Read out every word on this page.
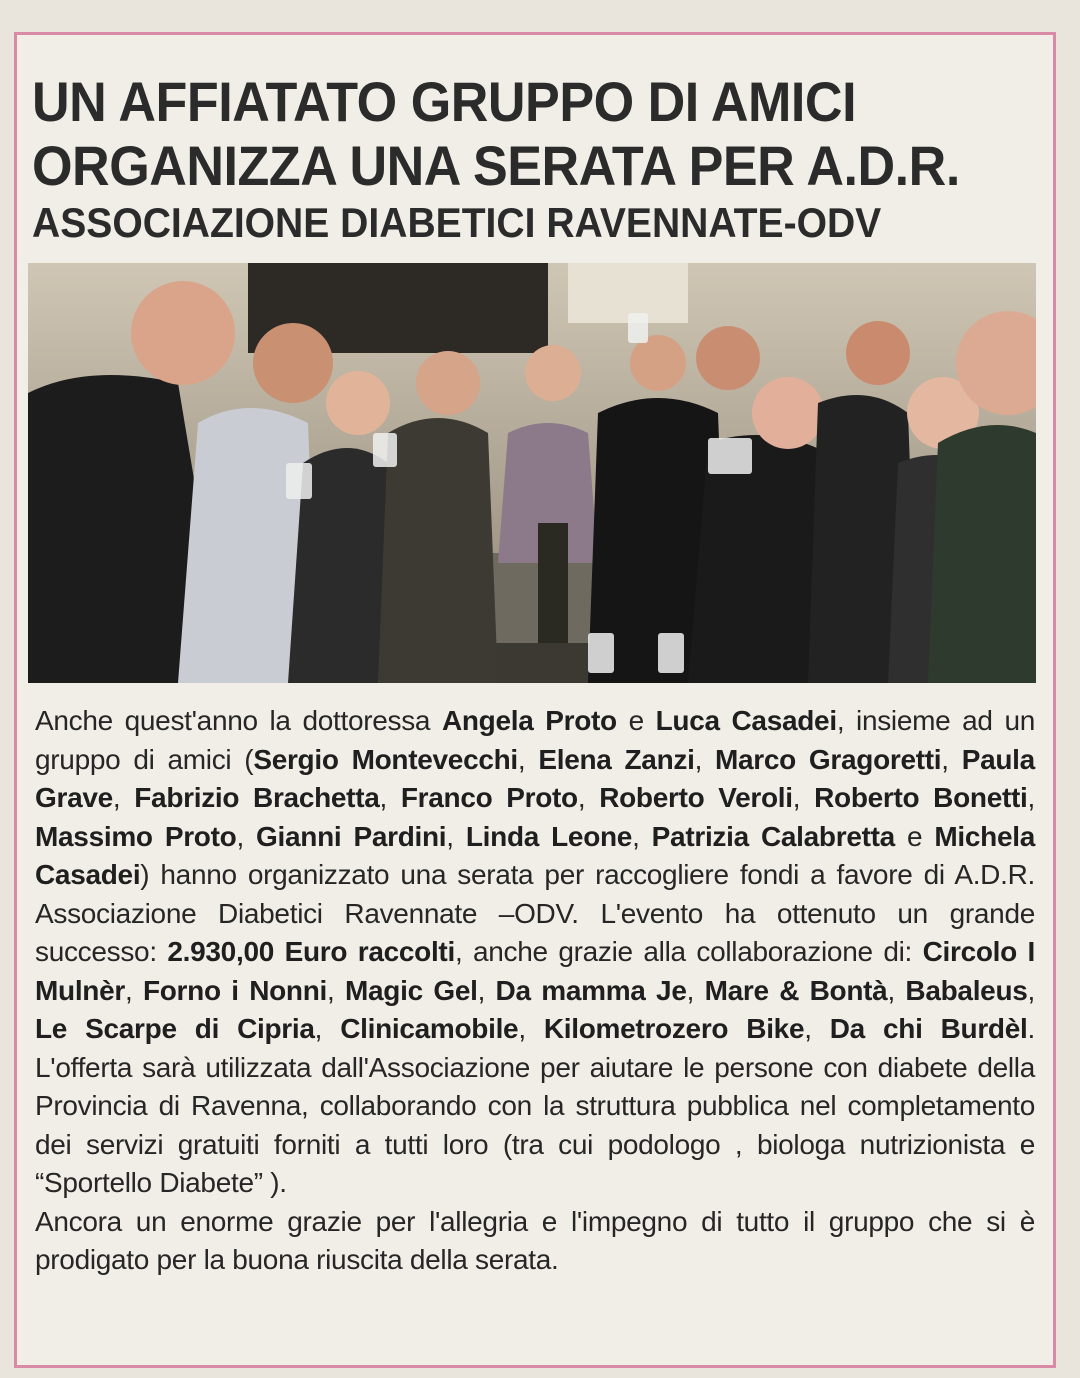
UN AFFIATATO GRUPPO DI AMICI
ORGANIZZA UNA SERATA PER A.D.R.
ASSOCIAZIONE DIABETICI RAVENNATE-ODV

Anche quest'anno la dottoressa Angela Proto e Luca Casadei, insieme ad un gruppo di amici (Sergio Montevecchi, Elena Zanzi, Marco Gragoretti, Paula Grave, Fabrizio Brachetta, Franco Proto, Roberto Veroli, Roberto Bonetti, Massimo Proto, Gianni Pardini, Linda Leone, Patrizia Calabretta e Michela Casadei) hanno organizzato una serata per raccogliere fondi a favore di A.D.R. Associazione Diabetici Ravennate –ODV. L'evento ha ottenuto un grande successo: 2.930,00 Euro raccolti, anche grazie alla collaborazione di: Circolo I Mulnèr, Forno i Nonni, Magic Gel, Da mamma Je, Mare & Bontà, Babaleus, Le Scarpe di Cipria, Clinicamobile, Kilometrozero Bike, Da chi Burdèl. L'offerta sarà utilizzata dall'Associazione per aiutare le persone con diabete della Provincia di Ravenna, collaborando con la struttura pubblica nel completamento dei servizi gratuiti forniti a tutti loro (tra cui podologo , biologa nutrizionista e “Sportello Diabete” ).

Ancora un enorme grazie per l'allegria e l'impegno di tutto il gruppo che si è prodigato per la buona riuscita della serata.
